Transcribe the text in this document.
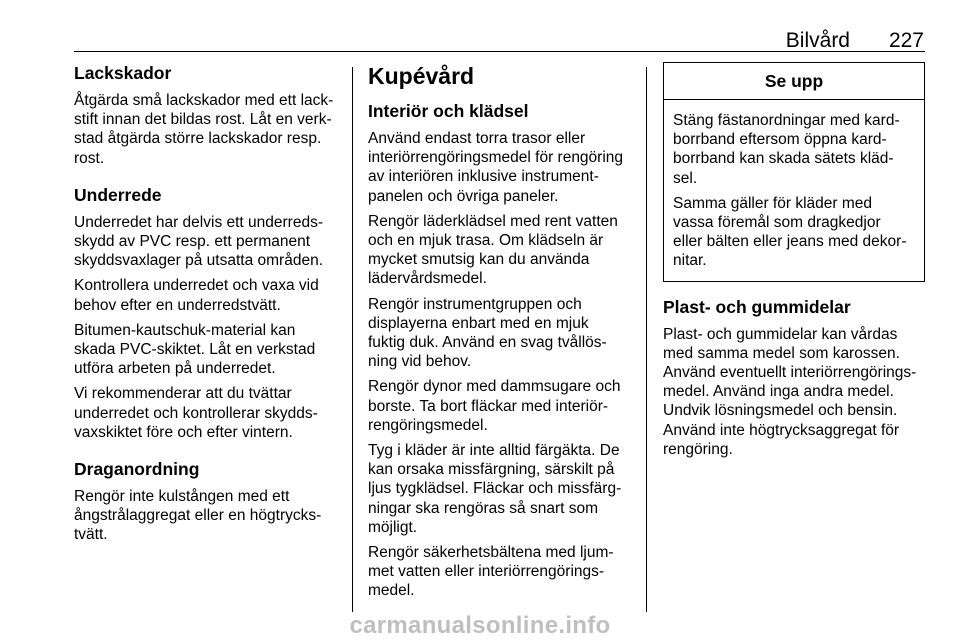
Bilvård	227
Lackskador

Åtgärda små lackskador med ett lack-
stift innan det bildas rost. Låt en verk-
stad åtgärda större lackskador resp.
rost.

Underrede

Underredet har delvis ett underreds-
skydd av PVC resp. ett permanent
skyddsvaxlager på utsatta områden.

Kontrollera underredet och vaxa vid
behov efter en underredstvätt.

Bitumen-kautschuk-material kan
skada PVC-skiktet. Låt en verkstad
utföra arbeten på underredet.

Vi rekommenderar att du tvättar
underredet och kontrollerar skydds-
vaxskiktet före och efter vintern.

Draganordning

Rengör inte kulstången med ett
ångstrålaggregat eller en högtrycks-
tvätt.

Kupévård
Interiör och klädsel

Använd endast torra trasor eller
interiörrengöringsmedel för rengöring
av interiören inklusive instrument-
panelen och övriga paneler.

Rengör läderklädsel med rent vatten
och en mjuk trasa. Om klädseln är
mycket smutsig kan du använda
lädervårdsmedel.

Rengör instrumentgruppen och
displayerna enbart med en mjuk
fuktig duk. Använd en svag tvållös-
ning vid behov.

Rengör dynor med dammsugare och
borste. Ta bort fläckar med interiör-
rengöringsmedel.

Tyg i kläder är inte alltid färgäkta. De
kan orsaka missfärgning, särskilt på
ljus tygklädsel. Fläckar och missfärg-
ningar ska rengöras så snart som
möjligt.

Rengör säkerhetsbältena med ljum-
met vatten eller interiörrengörings-
medel.

Se upp

Stäng fästanordningar med kard-
borrband eftersom öppna kard-
borrband kan skada sätets kläd-
sel.

Samma gäller för kläder med
vassa föremål som dragkedjor
eller bälten eller jeans med dekor-
nitar.

Plast- och gummidelar

Plast- och gummidelar kan vårdas
med samma medel som karossen.
Använd eventuellt interiörrengörings-
medel. Använd inga andra medel.
Undvik lösningsmedel och bensin.
Använd inte högtrycksaggregat för
rengöring.

carmanualsonline.info
